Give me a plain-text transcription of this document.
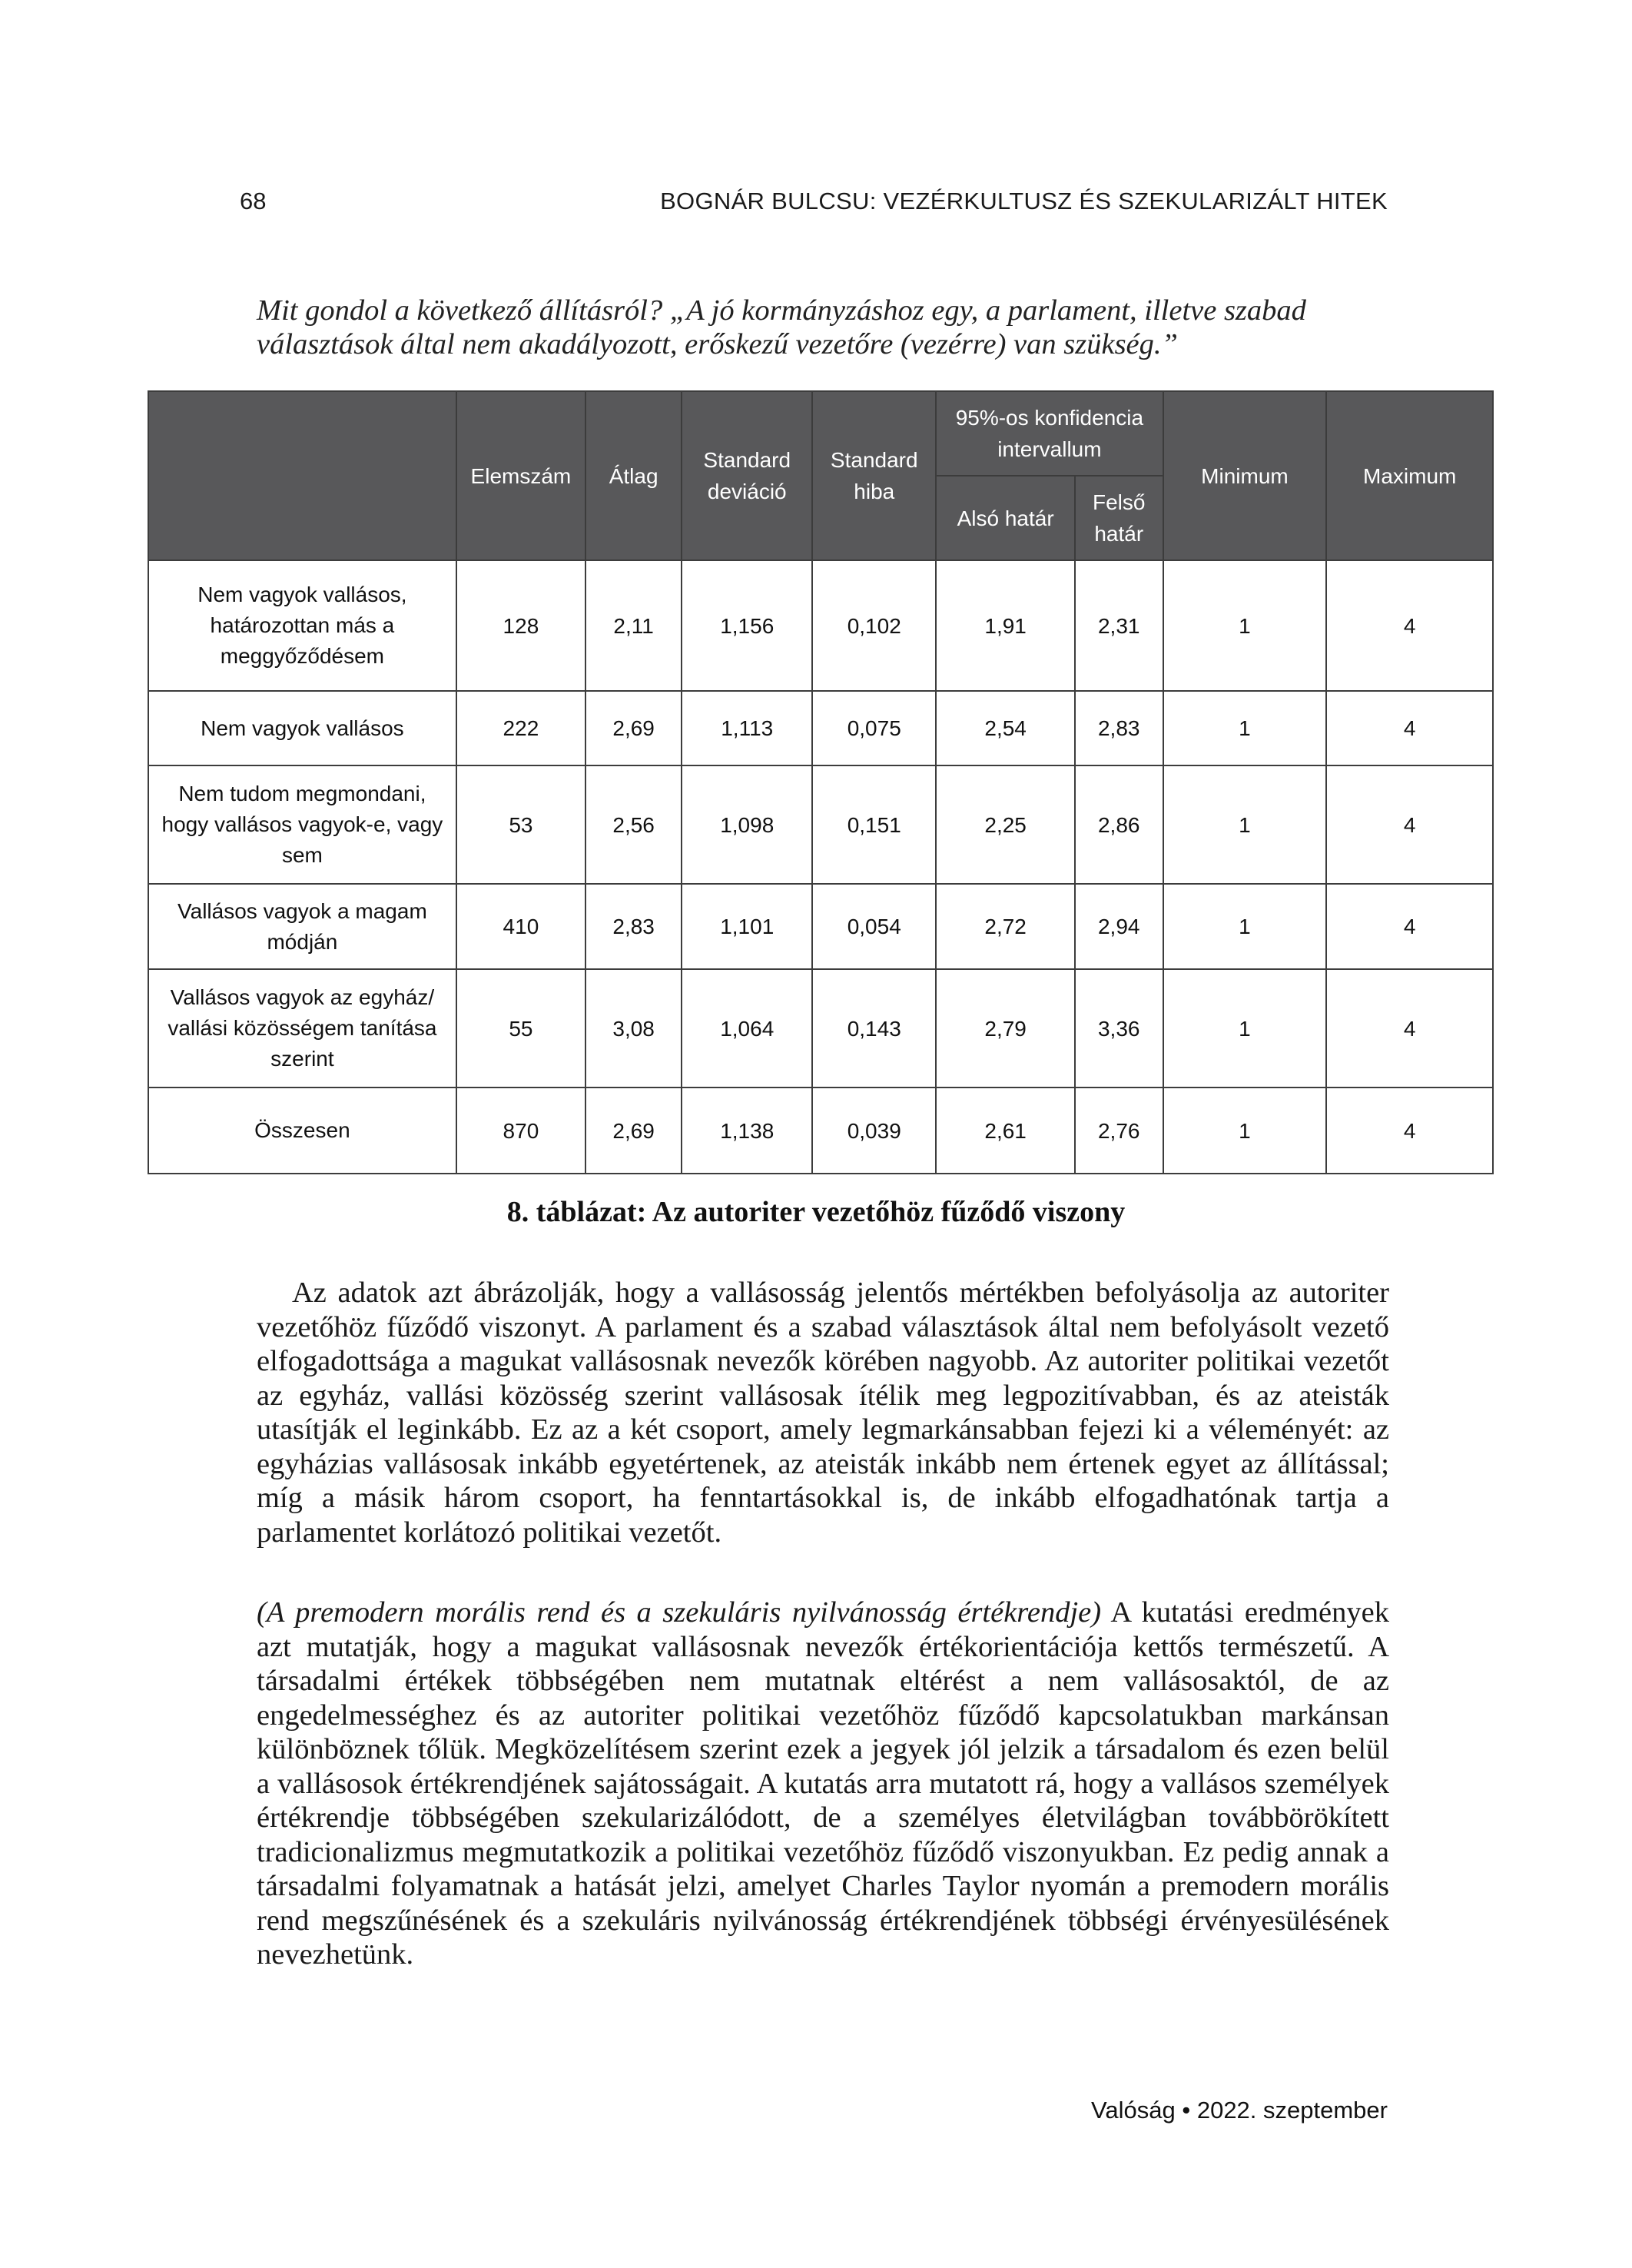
68	BOGNÁR BULCSU: VEZÉRKULTUSZ ÉS SZEKULARIZÁLT HITEK
Mit gondol a következő állításról? „A jó kormányzáshoz egy, a parlament, illetve szabad választások által nem akadályozott, erőskezű vezetőre (vezérre) van szükség.”
	Elemszám	Átlag	Standard deviáció	Standard hiba	95%-os konfidencia intervallum		Minimum	Maximum
					Alsó határ	Felső határ		
Nem vagyok vallásos, határozottan más a meggyőződésem	128	2,11	1,156	0,102	1,91	2,31	1	4
Nem vagyok vallásos	222	2,69	1,113	0,075	2,54	2,83	1	4
Nem tudom megmondani, hogy vallásos vagyok-e, vagy sem	53	2,56	1,098	0,151	2,25	2,86	1	4
Vallásos vagyok a magam módján	410	2,83	1,101	0,054	2,72	2,94	1	4
Vallásos vagyok az egyház/ vallási közösségem tanítása szerint	55	3,08	1,064	0,143	2,79	3,36	1	4
Összesen	870	2,69	1,138	0,039	2,61	2,76	1	4
8. táblázat: Az autoriter vezetőhöz fűződő viszony

Az adatok azt ábrázolják, hogy a vallásosság jelentős mértékben befolyásolja az autoriter vezetőhöz fűződő viszonyt. A parlament és a szabad választások által nem befolyásolt vezető elfogadottsága a magukat vallásosnak nevezők körében nagyobb. Az autoriter politikai vezetőt az egyház, vallási közösség szerint vallásosak ítélik meg legpozitívabban, és az ateisták utasítják el leginkább. Ez az a két csoport, amely legmarkánsabban fejezi ki a véleményét: az egyházias vallásosak inkább egyetértenek, az ateisták inkább nem értenek egyet az állítással; míg a másik három csoport, ha fenntartásokkal is, de inkább elfogadhatónak tartja a parlamentet korlátozó politikai vezetőt.

(A premodern morális rend és a szekuláris nyilvánosság értékrendje) A kutatási eredmények azt mutatják, hogy a magukat vallásosnak nevezők értékorientációja kettős természetű. A társadalmi értékek többségében nem mutatnak eltérést a nem vallásosaktól, de az engedelmességhez és az autoriter politikai vezetőhöz fűződő kapcsolatukban markánsan különböznek tőlük. Megközelítésem szerint ezek a jegyek jól jelzik a társadalom és ezen belül a vallásosok értékrendjének sajátosságait. A kutatás arra mutatott rá, hogy a vallásos személyek értékrendje többségében szekularizálódott, de a személyes életvilágban továbbörökített tradicionalizmus megmutatkozik a politikai vezetőhöz fűződő viszonyukban. Ez pedig annak a társadalmi folyamatnak a hatását jelzi, amelyet Charles Taylor nyomán a premodern morális rend megszűnésének és a szekuláris nyilvánosság értékrendjének többségi érvényesülésének nevezhetünk.

Valóság • 2022. szeptember
